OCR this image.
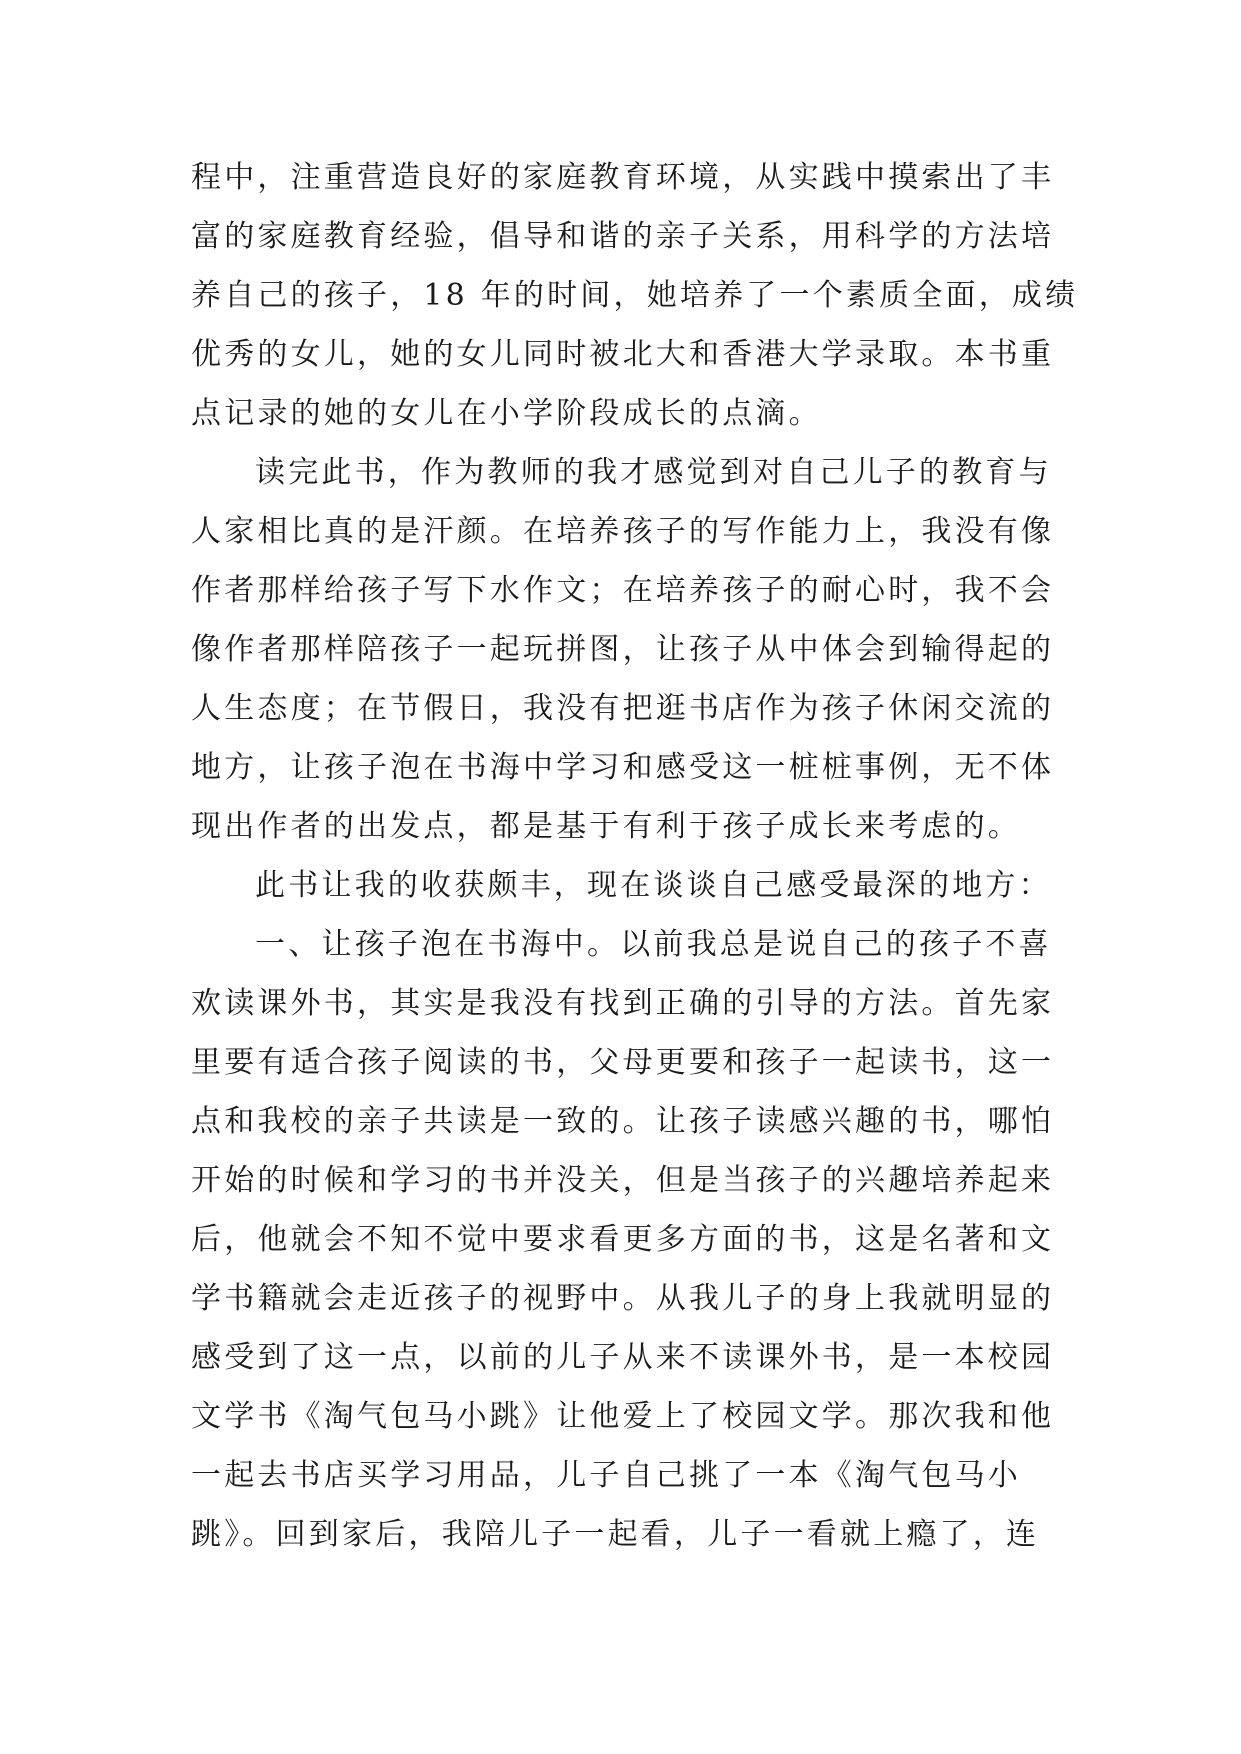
程中，注重营造良好的家庭教育环境，从实践中摸索出了丰
富的家庭教育经验，倡导和谐的亲子关系，用科学的方法培
养自己的孩子，18 年的时间，她培养了一个素质全面，成绩
优秀的女儿，她的女儿同时被北大和香港大学录取。本书重
点记录的她的女儿在小学阶段成长的点滴。
读完此书，作为教师的我才感觉到对自己儿子的教育与
人家相比真的是汗颜。在培养孩子的写作能力上，我没有像
作者那样给孩子写下水作文；在培养孩子的耐心时，我不会
像作者那样陪孩子一起玩拼图，让孩子从中体会到输得起的
人生态度；在节假日，我没有把逛书店作为孩子休闲交流的
地方，让孩子泡在书海中学习和感受这一桩桩事例，无不体
现出作者的出发点，都是基于有利于孩子成长来考虑的。
此书让我的收获颇丰，现在谈谈自己感受最深的地方：
一、让孩子泡在书海中。以前我总是说自己的孩子不喜
欢读课外书，其实是我没有找到正确的引导的方法。首先家
里要有适合孩子阅读的书，父母更要和孩子一起读书，这一
点和我校的亲子共读是一致的。让孩子读感兴趣的书，哪怕
开始的时候和学习的书并没关，但是当孩子的兴趣培养起来
后，他就会不知不觉中要求看更多方面的书，这是名著和文
学书籍就会走近孩子的视野中。从我儿子的身上我就明显的
感受到了这一点，以前的儿子从来不读课外书，是一本校园
文学书《淘气包马小跳》让他爱上了校园文学。那次我和他
一起去书店买学习用品，儿子自己挑了一本《淘气包马小
跳》。回到家后，我陪儿子一起看，儿子一看就上瘾了，连
